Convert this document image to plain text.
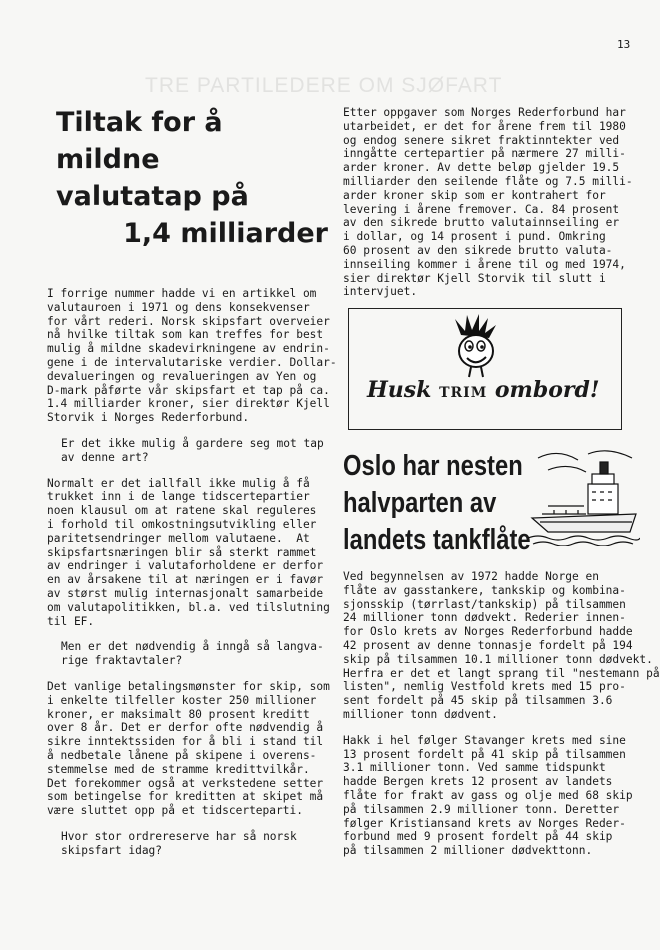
13
TRE PARTILEDERE OM SJØFART
Tiltak for å
mildne
valutatap på
1,4 milliarder

I forrige nummer hadde vi en artikkel om
valutauroen i 1971 og dens konsekvenser
for vårt rederi. Norsk skipsfart overveier
nå hvilke tiltak som kan treffes for best
mulig å mildne skadevirkningene av endrin-
gene i de intervalutariske verdier. Dollar-
devalueringen og revalueringen av Yen og
D-mark påførte vår skipsfart et tap på ca.
1.4 milliarder kroner, sier direktør Kjell
Storvik i Norges Rederforbund.

Er det ikke mulig å gardere seg mot tap
av denne art?

Normalt er det iallfall ikke mulig å få
trukket inn i de lange tidscertepartier
noen klausul om at ratene skal reguleres
i forhold til omkostningsutvikling eller
paritetsendringer mellom valutaene.  At
skipsfartsnæringen blir så sterkt rammet
av endringer i valutaforholdene er derfor
en av årsakene til at næringen er i favør
av størst mulig internasjonalt samarbeide
om valutapolitikken, bl.a. ved tilslutning
til EF.

Men er det nødvendig å inngå så langva-
rige fraktavtaler?

Det vanlige betalingsmønster for skip, som
i enkelte tilfeller koster 250 millioner
kroner, er maksimalt 80 prosent kreditt
over 8 år. Det er derfor ofte nødvendig å
sikre inntektssiden for å bli i stand til
å nedbetale lånene på skipene i overens-
stemmelse med de stramme kredittvilkår.
Det forekommer også at verkstedene setter
som betingelse for kreditten at skipet må
være sluttet opp på et tidscerteparti.

Hvor stor ordrereserve har så norsk
skipsfart idag?

Etter oppgaver som Norges Rederforbund har
utarbeidet, er det for årene frem til 1980
og endog senere sikret fraktinntekter ved
inngåtte certepartier på nærmere 27 milli-
arder kroner. Av dette beløp gjelder 19.5
milliarder den seilende flåte og 7.5 milli-
arder kroner skip som er kontrahert for
levering i årene fremover. Ca. 84 prosent
av den sikrede brutto valutainnseiling er
i dollar, og 14 prosent i pund. Omkring
60 prosent av den sikrede brutto valuta-
innseiling kommer i årene til og med 1974,
sier direktør Kjell Storvik til slutt i
intervjuet.

Husk TRIM ombord!
Oslo har nesten
halvparten av
landets tankflåte

Ved begynnelsen av 1972 hadde Norge en
flåte av gasstankere, tankskip og kombina-
sjonsskip (tørrlast/tankskip) på tilsammen
24 millioner tonn dødvekt. Rederier innen-
for Oslo krets av Norges Rederforbund hadde
42 prosent av denne tonnasje fordelt på 194
skip på tilsammen 10.1 millioner tonn dødvekt.
Herfra er det et langt sprang til "nestemann på
listen", nemlig Vestfold krets med 15 pro-
sent fordelt på 45 skip på tilsammen 3.6
millioner tonn dødvent.

Hakk i hel følger Stavanger krets med sine
13 prosent fordelt på 41 skip på tilsammen
3.1 millioner tonn. Ved samme tidspunkt
hadde Bergen krets 12 prosent av landets
flåte for frakt av gass og olje med 68 skip
på tilsammen 2.9 millioner tonn. Deretter
følger Kristiansand krets av Norges Reder-
forbund med 9 prosent fordelt på 44 skip
på tilsammen 2 millioner dødvekttonn.
